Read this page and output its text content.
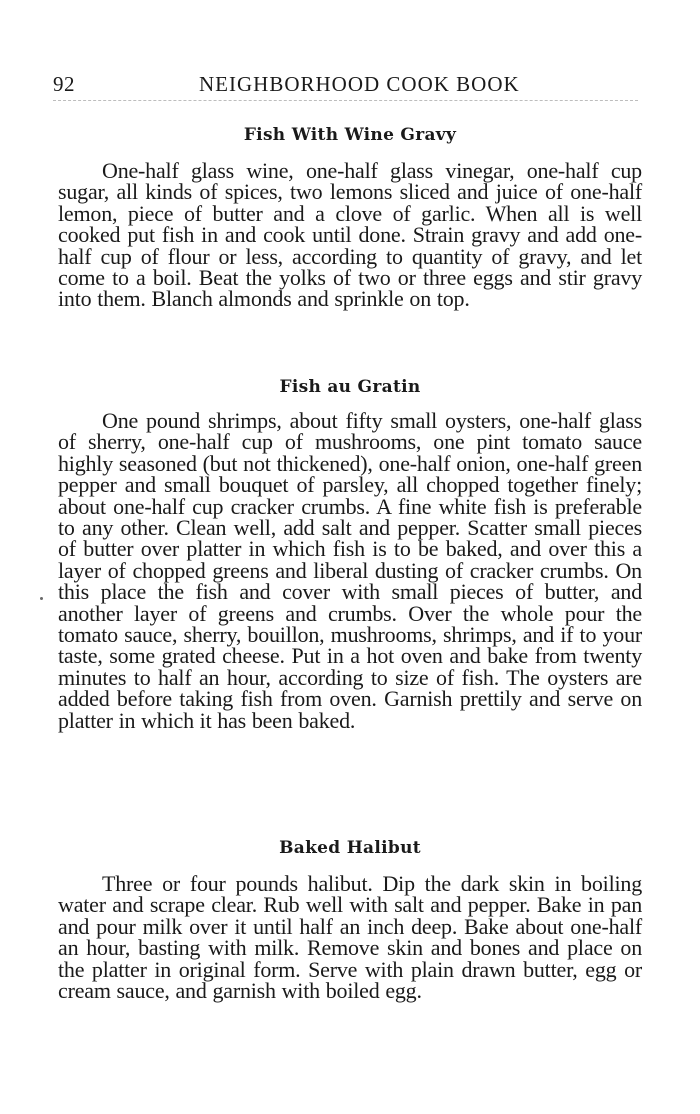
92	NEIGHBORHOOD COOK BOOK
Fish With Wine Gravy

One-half glass wine, one-half glass vinegar, one-half cup sugar, all kinds of spices, two lemons sliced and juice of one-half lemon, piece of butter and a clove of garlic. When all is well cooked put fish in and cook until done. Strain gravy and add one-half cup of flour or less, according to quantity of gravy, and let come to a boil. Beat the yolks of two or three eggs and stir gravy into them. Blanch almonds and sprinkle on top.

Fish au Gratin

One pound shrimps, about fifty small oysters, one-half glass of sherry, one-half cup of mushrooms, one pint tomato sauce highly seasoned (but not thickened), one-half onion, one-half green pepper and small bouquet of parsley, all chopped together finely; about one-half cup cracker crumbs. A fine white fish is preferable to any other. Clean well, add salt and pepper. Scatter small pieces of butter over platter in which fish is to be baked, and over this a layer of chopped greens and liberal dusting of cracker crumbs. On this place the fish and cover with small pieces of butter, and another layer of greens and crumbs. Over the whole pour the tomato sauce, sherry, bouillon, mushrooms, shrimps, and if to your taste, some grated cheese. Put in a hot oven and bake from twenty minutes to half an hour, according to size of fish. The oysters are added before taking fish from oven. Garnish prettily and serve on platter in which it has been baked.

Baked Halibut

Three or four pounds halibut. Dip the dark skin in boiling water and scrape clear. Rub well with salt and pepper. Bake in pan and pour milk over it until half an inch deep. Bake about one-half an hour, basting with milk. Remove skin and bones and place on the platter in original form. Serve with plain drawn butter, egg or cream sauce, and garnish with boiled egg.
